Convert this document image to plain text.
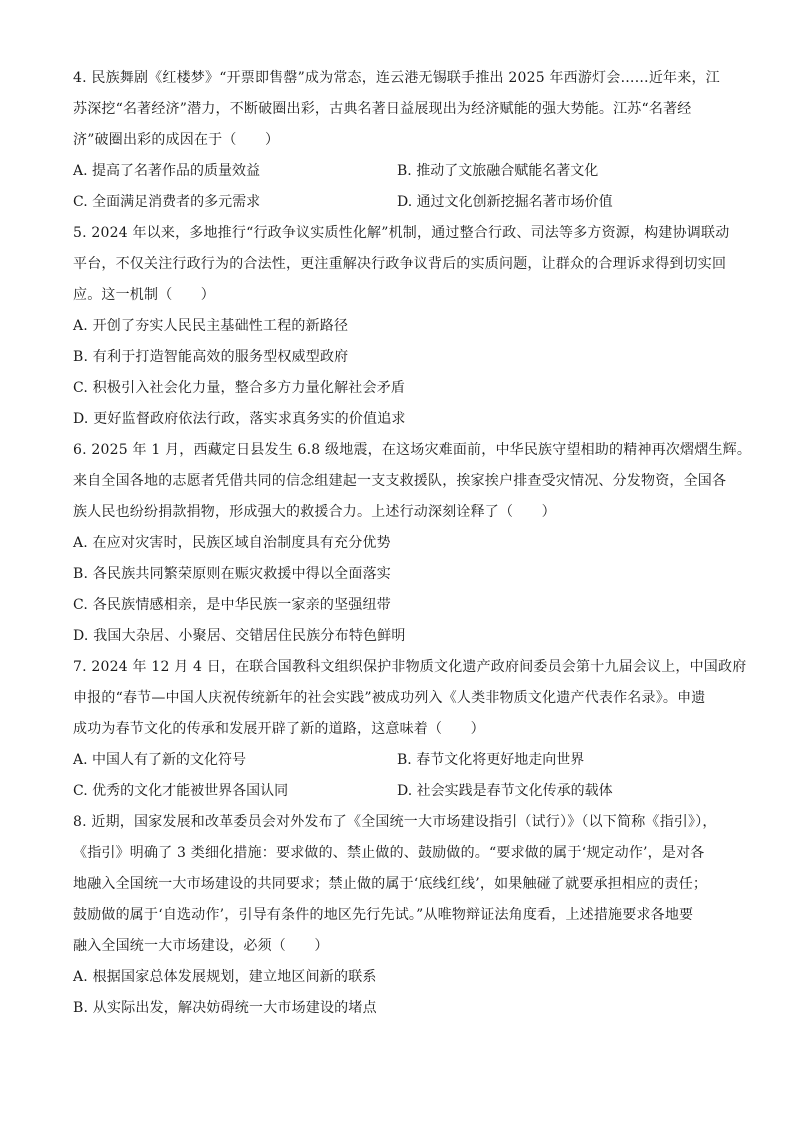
4. 民族舞剧《红楼梦》“开票即售罄”成为常态，连云港无锡联手推出 2025 年西游灯会……近年来，江
苏深挖“名著经济”潜力，不断破圈出彩，古典名著日益展现出为经济赋能的强大势能。江苏“名著经
济”破圈出彩的成因在于（　　）
A. 提高了名著作品的质量效益	B. 推动了文旅融合赋能名著文化
C. 全面满足消费者的多元需求	D. 通过文化创新挖掘名著市场价值
5. 2024 年以来，多地推行“行政争议实质性化解”机制，通过整合行政、司法等多方资源，构建协调联动
平台，不仅关注行政行为的合法性，更注重解决行政争议背后的实质问题，让群众的合理诉求得到切实回
应。这一机制（　　）
A. 开创了夯实人民民主基础性工程的新路径
B. 有利于打造智能高效的服务型权威型政府
C. 积极引入社会化力量，整合多方力量化解社会矛盾
D. 更好监督政府依法行政，落实求真务实的价值追求
6. 2025 年 1 月，西藏定日县发生 6.8 级地震，在这场灾难面前，中华民族守望相助的精神再次熠熠生辉。
来自全国各地的志愿者凭借共同的信念组建起一支支救援队，挨家挨户排查受灾情况、分发物资，全国各
族人民也纷纷捐款捐物，形成强大的救援合力。上述行动深刻诠释了（　　）
A. 在应对灾害时，民族区域自治制度具有充分优势
B. 各民族共同繁荣原则在赈灾救援中得以全面落实
C. 各民族情感相亲，是中华民族一家亲的坚强纽带
D. 我国大杂居、小聚居、交错居住民族分布特色鲜明
7. 2024 年 12 月 4 日，在联合国教科文组织保护非物质文化遗产政府间委员会第十九届会议上，中国政府
申报的“春节—中国人庆祝传统新年的社会实践”被成功列入《人类非物质文化遗产代表作名录》。申遗
成功为春节文化的传承和发展开辟了新的道路，这意味着（　　）
A. 中国人有了新的文化符号	B. 春节文化将更好地走向世界
C. 优秀的文化才能被世界各国认同	D. 社会实践是春节文化传承的载体
8. 近期，国家发展和改革委员会对外发布了《全国统一大市场建设指引（试行）》（以下简称《指引》），
《指引》明确了 3 类细化措施：要求做的、禁止做的、鼓励做的。“要求做的属于‘规定动作’，是对各
地融入全国统一大市场建设的共同要求；禁止做的属于‘底线红线’，如果触碰了就要承担相应的责任；
鼓励做的属于‘自选动作’，引导有条件的地区先行先试。”从唯物辩证法角度看，上述措施要求各地要
融入全国统一大市场建设，必须（　　）
A. 根据国家总体发展规划，建立地区间新的联系
B. 从实际出发，解决妨碍统一大市场建设的堵点
